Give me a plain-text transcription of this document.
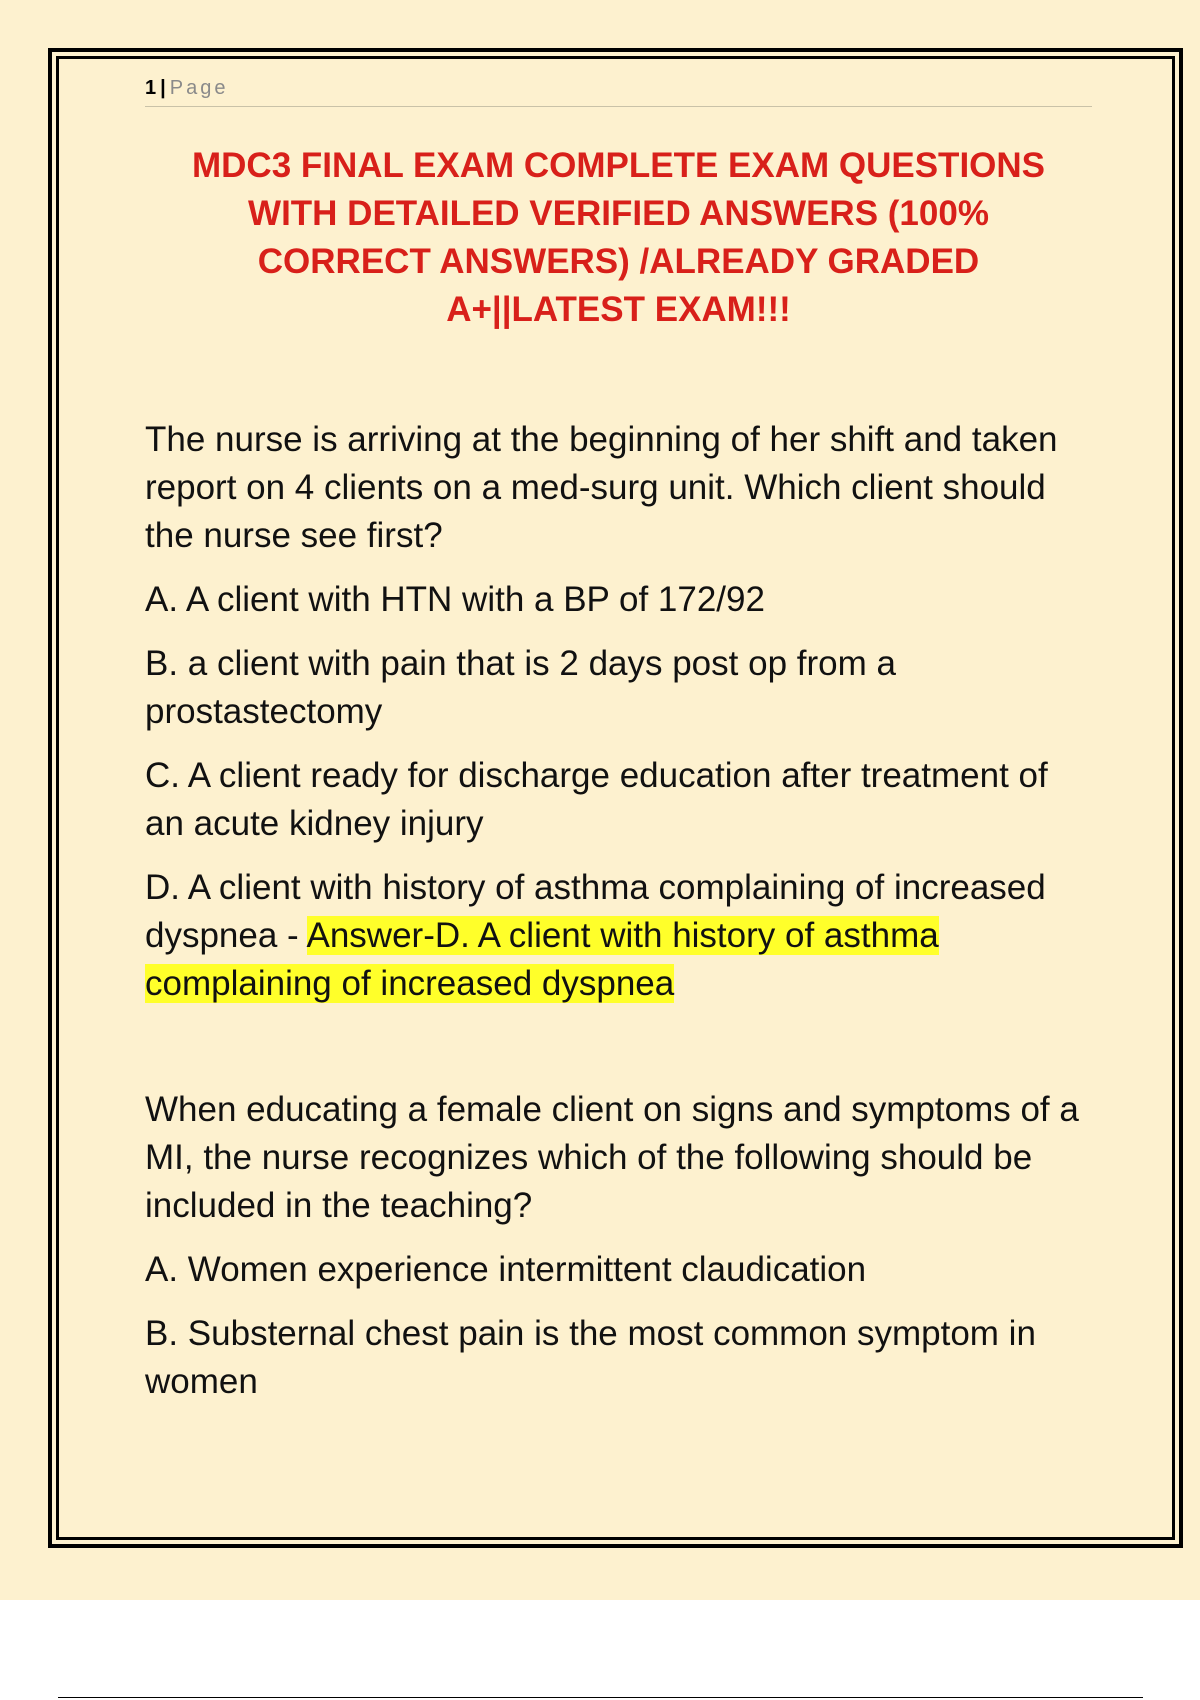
1 | Page
MDC3 FINAL EXAM COMPLETE EXAM QUESTIONS
WITH DETAILED VERIFIED ANSWERS (100%
CORRECT ANSWERS) /ALREADY GRADED
A+||LATEST EXAM!!!

The nurse is arriving at the beginning of her shift and taken report on 4 clients on a med-surg unit. Which client should the nurse see first?

A. A client with HTN with a BP of 172/92

B. a client with pain that is 2 days post op from a prostastectomy

C. A client ready for discharge education after treatment of an acute kidney injury

D. A client with history of asthma complaining of increased dyspnea - Answer-D. A client with history of asthma complaining of increased dyspnea

When educating a female client on signs and symptoms of a MI, the nurse recognizes which of the following should be included in the teaching?

A. Women experience intermittent claudication

B. Substernal chest pain is the most common symptom in women
